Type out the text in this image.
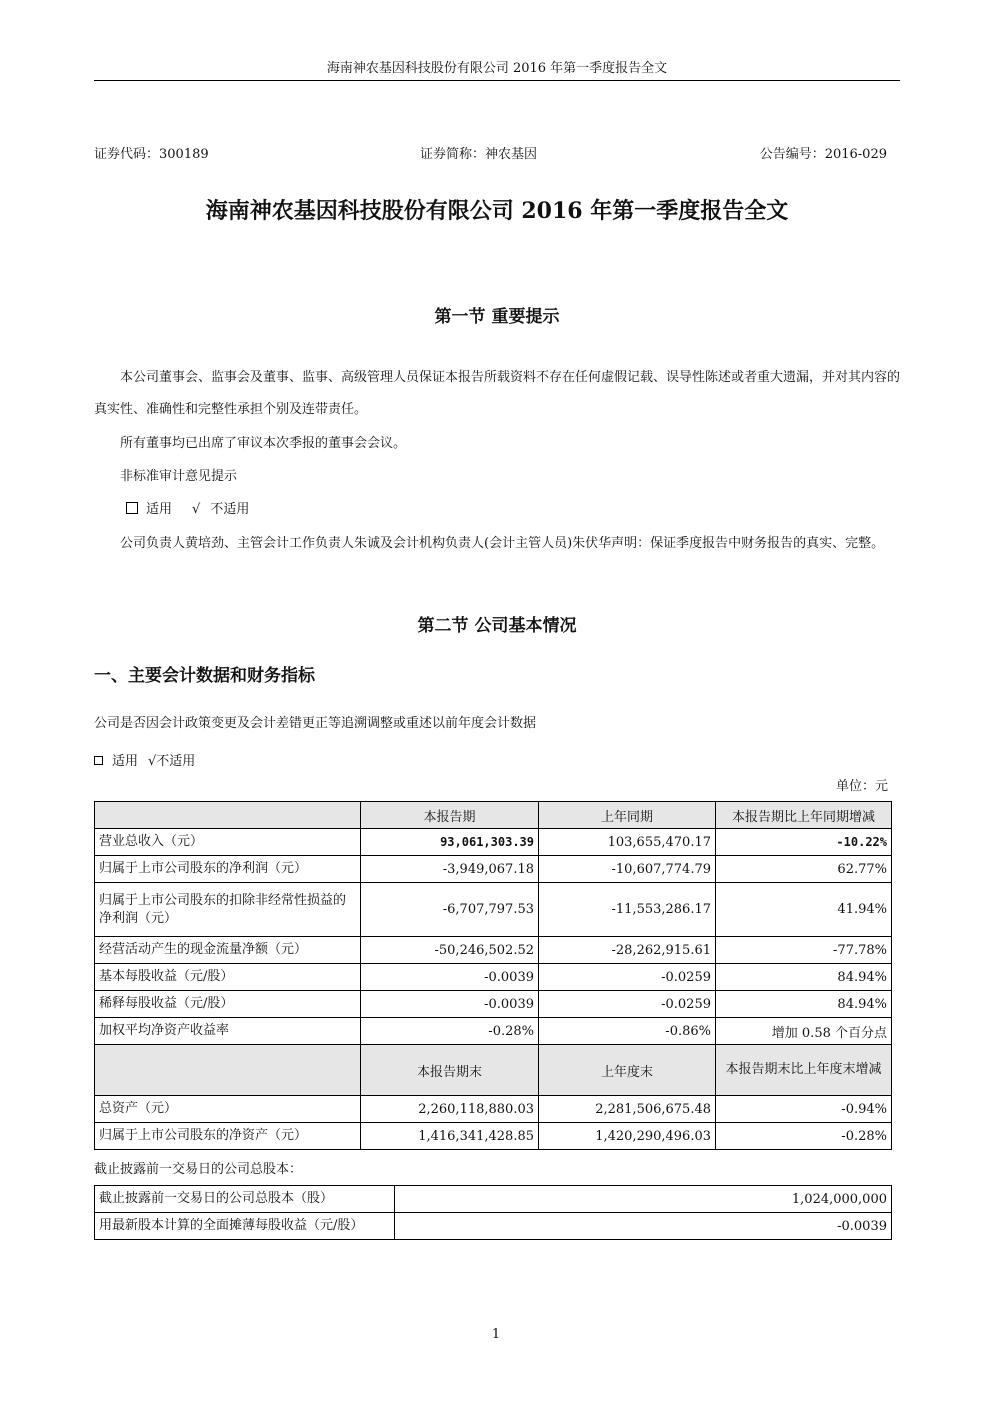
海南神农基因科技股份有限公司 2016 年第一季度报告全文
证券代码：300189	证券简称：神农基因	公告编号：2016-029
海南神农基因科技股份有限公司 2016 年第一季度报告全文
第一节 重要提示
本公司董事会、监事会及董事、监事、高级管理人员保证本报告所载资料不存在任何虚假记载、误导性陈述或者重大遗漏，并对其内容的真实性、准确性和完整性承担个别及连带责任。
所有董事均已出席了审议本次季报的董事会会议。
非标准审计意见提示
适用 √ 不适用
公司负责人黄培劲、主管会计工作负责人朱诚及会计机构负责人(会计主管人员)朱伏华声明：保证季度报告中财务报告的真实、完整。
第二节 公司基本情况
一、主要会计数据和财务指标
公司是否因会计政策变更及会计差错更正等追溯调整或重述以前年度会计数据
适用 √不适用
单位：元
	本报告期	上年同期	本报告期比上年同期增减
营业总收入（元）	93,061,303.39	103,655,470.17	-10.22%
归属于上市公司股东的净利润（元）	-3,949,067.18	-10,607,774.79	62.77%
归属于上市公司股东的扣除非经常性损益的净利润（元）	-6,707,797.53	-11,553,286.17	41.94%
经营活动产生的现金流量净额（元）	-50,246,502.52	-28,262,915.61	-77.78%
基本每股收益（元/股）	-0.0039	-0.0259	84.94%
稀释每股收益（元/股）	-0.0039	-0.0259	84.94%
加权平均净资产收益率	-0.28%	-0.86%	增加 0.58 个百分点
	本报告期末	上年度末	本报告期末比上年度末增减
总资产（元）	2,260,118,880.03	2,281,506,675.48	-0.94%
归属于上市公司股东的净资产（元）	1,416,341,428.85	1,420,290,496.03	-0.28%
截止披露前一交易日的公司总股本：
截止披露前一交易日的公司总股本（股）	1,024,000,000
用最新股本计算的全面摊薄每股收益（元/股）	-0.0039
1
